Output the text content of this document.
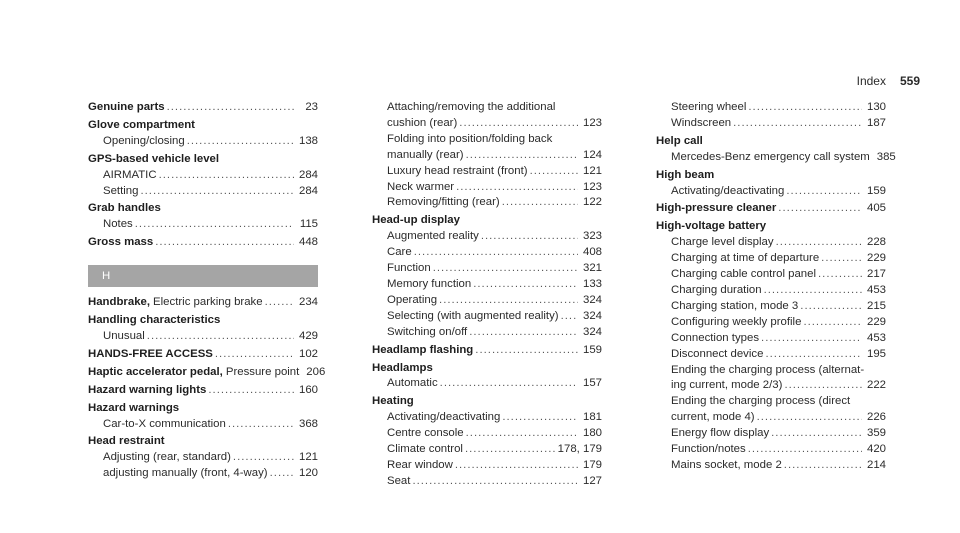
Index 559
Genuine parts .....	23
Glove compartment
Opening/closing .....	138
GPS-based vehicle level
AIRMATIC .....	284
Setting .....	284
Grab handles
Notes .....	115
Gross mass .....	448
H
Handbrake, Electric parking brake .....	234
Handling characteristics
Unusual .....	429
HANDS-FREE ACCESS .....	102
Haptic accelerator pedal, Pressure point 206
Hazard warning lights .....	160
Hazard warnings
Car-to-X communication .....	368
Head restraint
Adjusting (rear, standard) .....	121
adjusting manually (front, 4-way) .....	120
Attaching/removing the additional
cushion (rear) .....	123
Folding into position/folding back
manually (rear) .....	124
Luxury head restraint (front) .....	121
Neck warmer .....	123
Removing/fitting (rear) .....	122
Head-up display
Augmented reality .....	323
Care .....	408
Function .....	321
Memory function .....	133
Operating .....	324
Selecting (with augmented reality) ..... 324
Switching on/off .....	324
Headlamp flashing .....	159
Headlamps
Automatic .....	157
Heating
Activating/deactivating .....	181
Centre console .....	180
Climate control .....	178, 179
Rear window .....	179
Seat .....	127
Steering wheel .....	130
Windscreen .....	187
Help call
Mercedes-Benz emergency call system 385
High beam
Activating/deactivating .....	159
High-pressure cleaner .....	405
High-voltage battery
Charge level display .....	228
Charging at time of departure .....	229
Charging cable control panel .....	217
Charging duration .....	453
Charging station, mode 3 .....	215
Configuring weekly profile .....	229
Connection types .....	453
Disconnect device .....	195
Ending the charging process (alternat-
ing current, mode 2/3) .....	222
Ending the charging process (direct
current, mode 4) .....	226
Energy flow display .....	359
Function/notes .....	420
Mains socket, mode 2 .....	214
